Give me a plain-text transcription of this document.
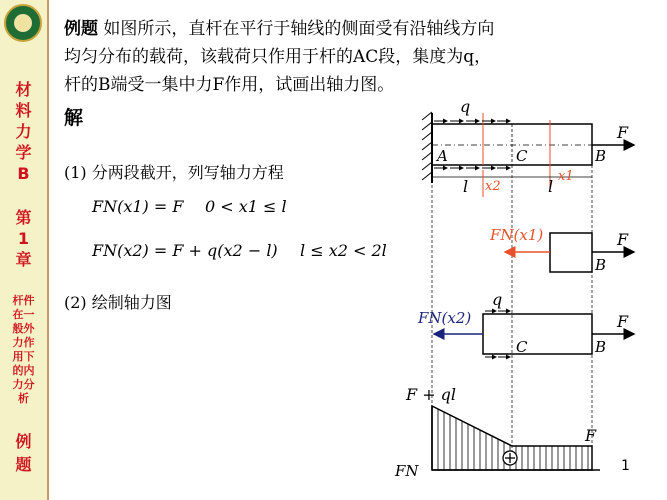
材
料
力
学
B
第
1
章
杆件
在一
般外
力作
用下
的内
力分
析
例
题
例题 如图所示，直杆在平行于轴线的侧面受有沿轴线方向
均匀分布的载荷，该载荷只作用于杆的AC段，集度为q，
杆的B端受一集中力F作用，试画出轴力图。
解
(1) 分两段截开，列写轴力方程
FN(x1) = F 0 < x1 ≤ l
FN(x2) = F + q(x2 − l) l ≤ x2 < 2l
(2) 绘制轴力图
q
F
A	C	B
l	l
x2
x1
FN(x1)	F
B
FN(x2)
q
F
C	B
F + ql
F
FN	1
